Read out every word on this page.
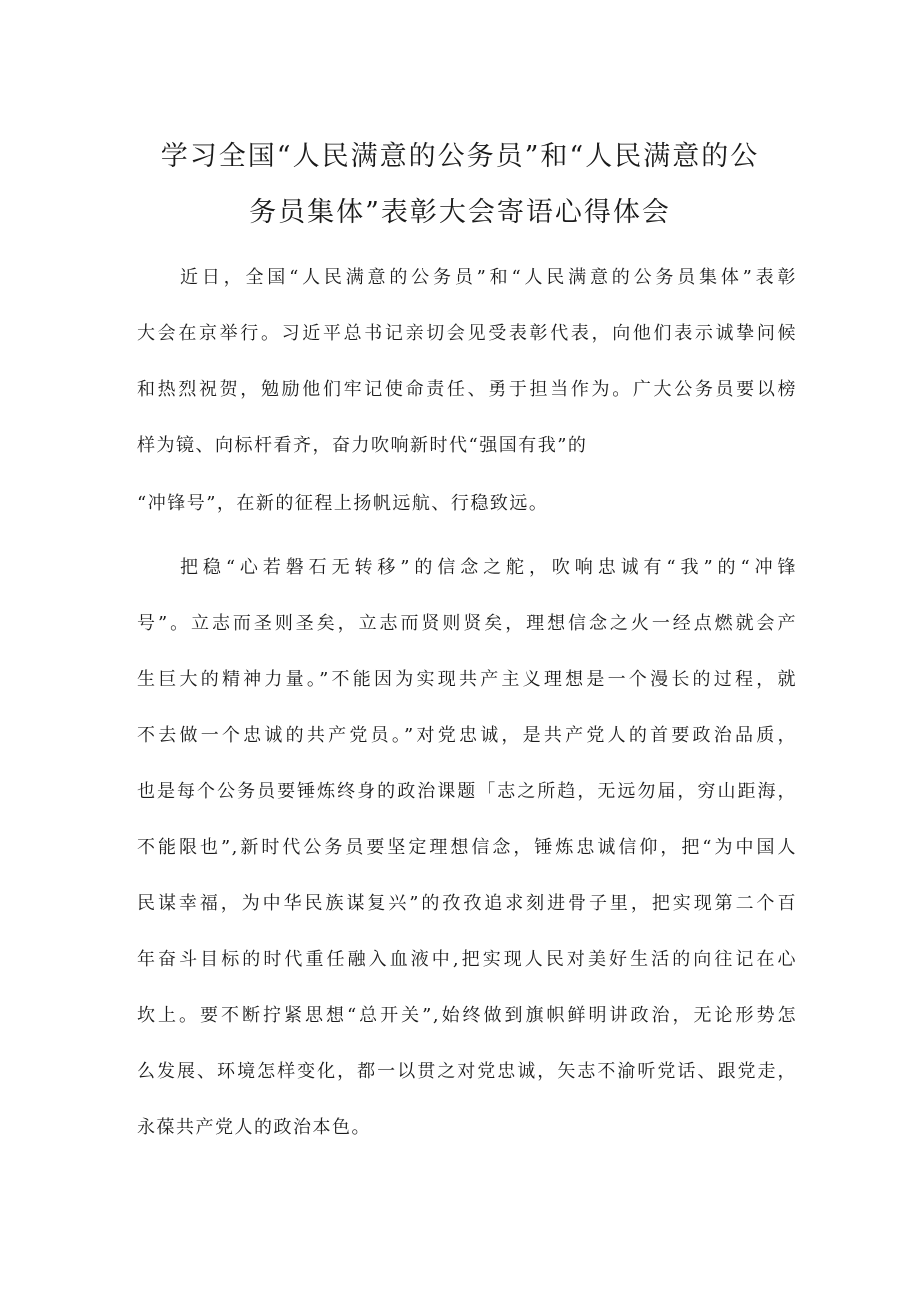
学习全国“人民满意的公务员”和“人民满意的公
务员集体”表彰大会寄语心得体会
近日，全国“人民满意的公务员”和“人民满意的公务员集体”表彰
大会在京举行。习近平总书记亲切会见受表彰代表，向他们表示诚挚问候
和热烈祝贺，勉励他们牢记使命责任、勇于担当作为。广大公务员要以榜
样为镜、向标杆看齐，奋力吹响新时代“强国有我”的
“冲锋号”，在新的征程上扬帆远航、行稳致远。
把稳“心若磐石无转移”的信念之舵，吹响忠诚有“我”的“冲锋
号”。立志而圣则圣矣，立志而贤则贤矣，理想信念之火一经点燃就会产
生巨大的精神力量。”不能因为实现共产主义理想是一个漫长的过程，就
不去做一个忠诚的共产党员。”对党忠诚，是共产党人的首要政治品质，
也是每个公务员要锤炼终身的政治课题「志之所趋，无远勿届，穷山距海，
不能限也”,新时代公务员要坚定理想信念，锤炼忠诚信仰，把“为中国人
民谋幸福，为中华民族谋复兴”的孜孜追求刻进骨子里，把实现第二个百
年奋斗目标的时代重任融入血液中,把实现人民对美好生活的向往记在心
坎上。要不断拧紧思想“总开关”,始终做到旗帜鲜明讲政治，无论形势怎
么发展、环境怎样变化，都一以贯之对党忠诚，矢志不渝听党话、跟党走，
永葆共产党人的政治本色。
